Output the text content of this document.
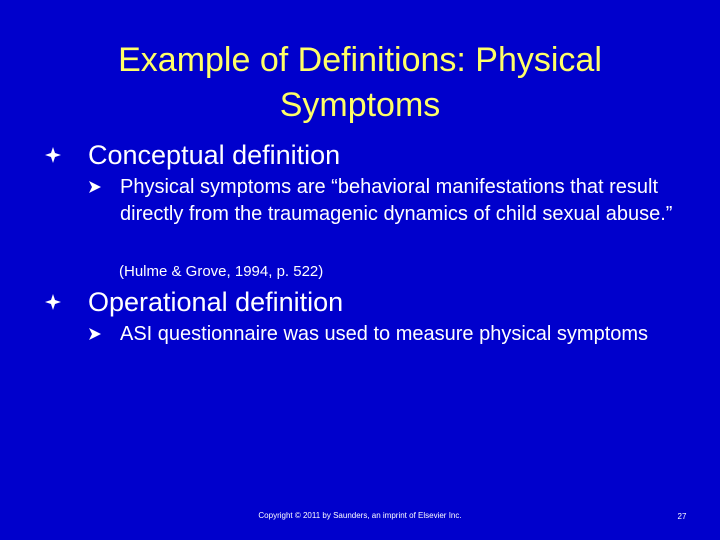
Example of Definitions: Physical
Symptoms
Conceptual definition
Physical symptoms are “behavioral manifestations that result directly from the traumagenic dynamics of child sexual abuse.”
(Hulme & Grove, 1994, p. 522)
Operational definition
ASI questionnaire was used to measure physical symptoms
Copyright © 2011 by Saunders, an imprint of Elsevier Inc.	27
